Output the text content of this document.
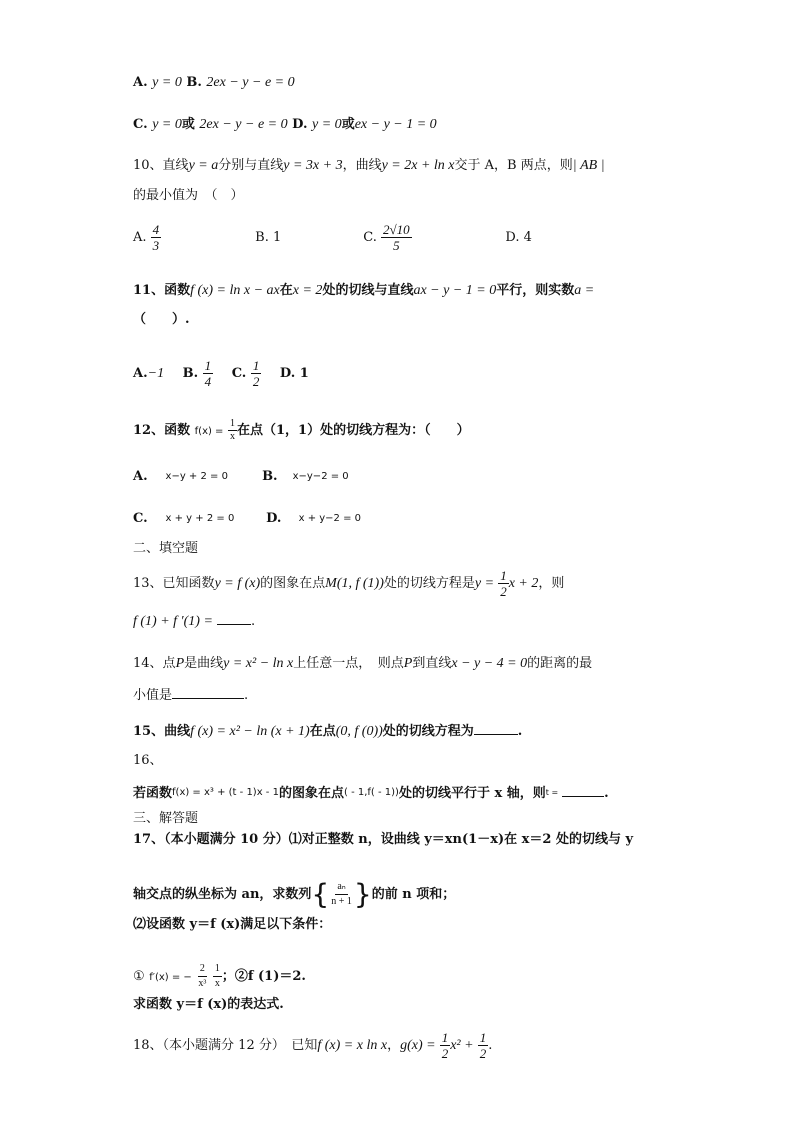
A. y = 0 B. 2ex − y − e = 0
C. y = 0或 2ex − y − e = 0 D. y = 0或ex − y − 1 = 0
10、直线y = a分别与直线y = 3x + 3，曲线y = 2x + ln x交于 A，B 两点，则| AB |
的最小值为　（　）
A. $\frac{4}{3}$	B. 1	C. $\frac{2√10}{5}$	D. 4
11、函数f (x) = ln x − ax在x = 2处的切线与直线ax − y − 1 = 0平行，则实数a =
（　　）.
A.−1 B. $\frac{1}{4} C$. $\frac{1}{2} D$. 1
12、函数 $f(x) = \frac{1}{x}$ 在点（1，1）处的切线方程为：（　　）
A. x−y + 2 = 0	B. x−y−2 = 0
C. x + y + 2 = 0 D. x + y−2 = 0
二、填空题
13、已知函数y = f (x)的图象在点M(1, f (1))处的切线方程是$y = \frac{1}{2}$ x + 2，则
f (1) + f ′(1) =	.
14、点P是曲线y = x² − ln x上任意一点，　则点P到直线x − y − 4 = 0的距离的最
小值是	.
15、曲线f (x) = x² − ln (x + 1)在点(0, f (0))处的切线方程为	.
16、
若函数$^{f(x) = x^3 + (t - 1)x - 1}$的图象在点$^{( - 1,f( - 1))}$处的切线平行于 x 轴，则$^{t =}$	.
三、解答题
17、（本小题满分 10 分）⑴对正整数 n，设曲线 y＝xn(1－x)在 x＝2 处的切线与 y
轴交点的纵坐标为 an，求数列{ $\frac{\text{aₙ}}{n + 1}$ }的前 n 项和；
⑵设函数 y＝f (x)满足以下条件：
① f′(x) = − $\frac{2}{\text{x³}}$
$\frac{1}{x}$ ；②f (1)＝2.
求函数 y＝f (x)的表达式.
18、（本小题满分 12 分）　已知f (x) = x ln x，$g(x) = \frac{1}{2} x^2 + \frac{1}{2}$ .
